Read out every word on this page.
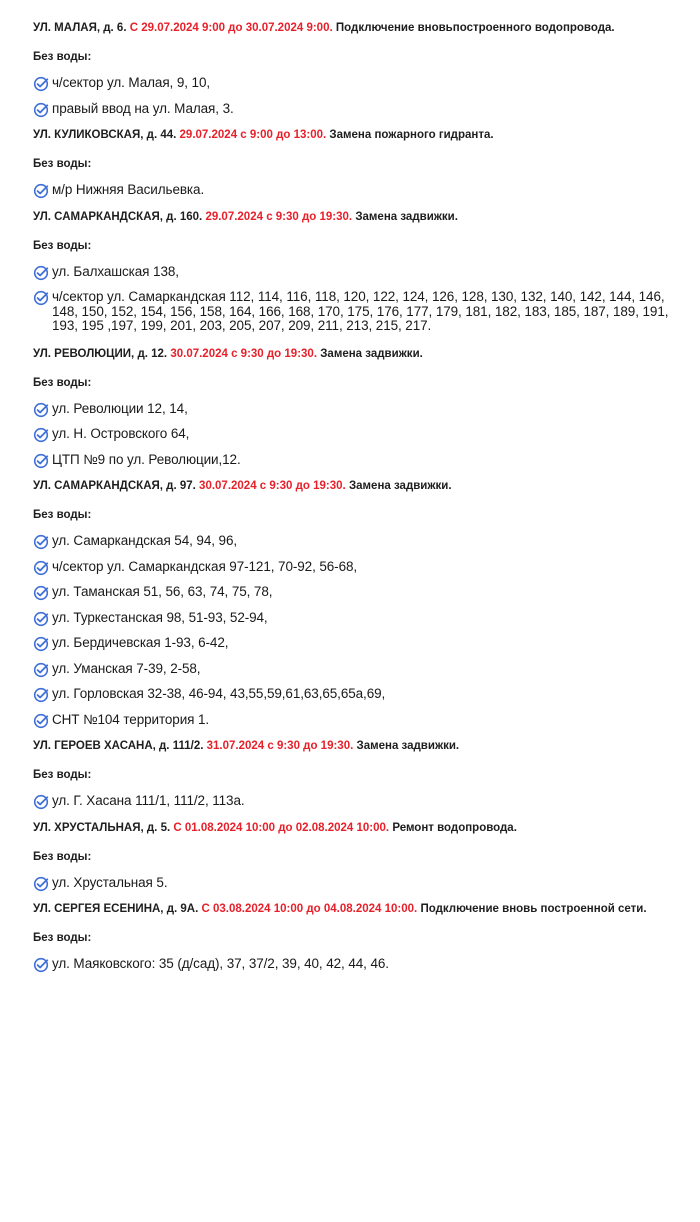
УЛ. МАЛАЯ, д. 6. С 29.07.2024 9:00 до 30.07.2024 9:00. Подключение вновьпостроенного водопровода.
Без воды:
ч/сектор ул. Малая, 9, 10,
правый ввод на ул. Малая, 3.
УЛ. КУЛИКОВСКАЯ, д. 44. 29.07.2024 с 9:00 до 13:00. Замена пожарного гидранта.
Без воды:
м/р Нижняя Васильевка.
УЛ. САМАРКАНДСКАЯ, д. 160. 29.07.2024 с 9:30 до 19:30. Замена задвижки.
Без воды:
ул. Балхашская 138,
ч/сектор ул. Самаркандская 112, 114, 116, 118, 120, 122, 124, 126, 128, 130, 132, 140, 142, 144, 146, 148, 150, 152, 154, 156, 158, 164, 166, 168, 170, 175, 176, 177, 179, 181, 182, 183, 185, 187, 189, 191, 193, 195 ,197, 199, 201, 203, 205, 207, 209, 211, 213, 215, 217.
УЛ. РЕВОЛЮЦИИ, д. 12. 30.07.2024 с 9:30 до 19:30. Замена задвижки.
Без воды:
ул. Революции 12, 14,
ул. Н. Островского 64,
ЦТП №9 по ул. Революции,12.
УЛ. САМАРКАНДСКАЯ, д. 97. 30.07.2024 с 9:30 до 19:30. Замена задвижки.
Без воды:
ул. Самаркандская 54, 94, 96,
ч/сектор ул. Самаркандская 97-121, 70-92, 56-68,
ул. Таманская 51, 56, 63, 74, 75, 78,
ул. Туркестанская 98, 51-93, 52-94,
ул. Бердичевская 1-93, 6-42,
ул. Уманская 7-39, 2-58,
ул. Горловская 32-38, 46-94, 43,55,59,61,63,65,65а,69,
СНТ №104 территория 1.
УЛ. ГЕРОЕВ ХАСАНА, д. 111/2. 31.07.2024 с 9:30 до 19:30. Замена задвижки.
Без воды:
ул. Г. Хасана 111/1, 111/2, 113а.
УЛ. ХРУСТАЛЬНАЯ, д. 5. С 01.08.2024 10:00 до 02.08.2024 10:00. Ремонт водопровода.
Без воды:
ул. Хрустальная 5.
УЛ. СЕРГЕЯ ЕСЕНИНА, д. 9А. С 03.08.2024 10:00 до 04.08.2024 10:00. Подключение вновь построенной сети.
Без воды:
ул. Маяковского: 35 (д/сад), 37, 37/2, 39, 40, 42, 44, 46.
